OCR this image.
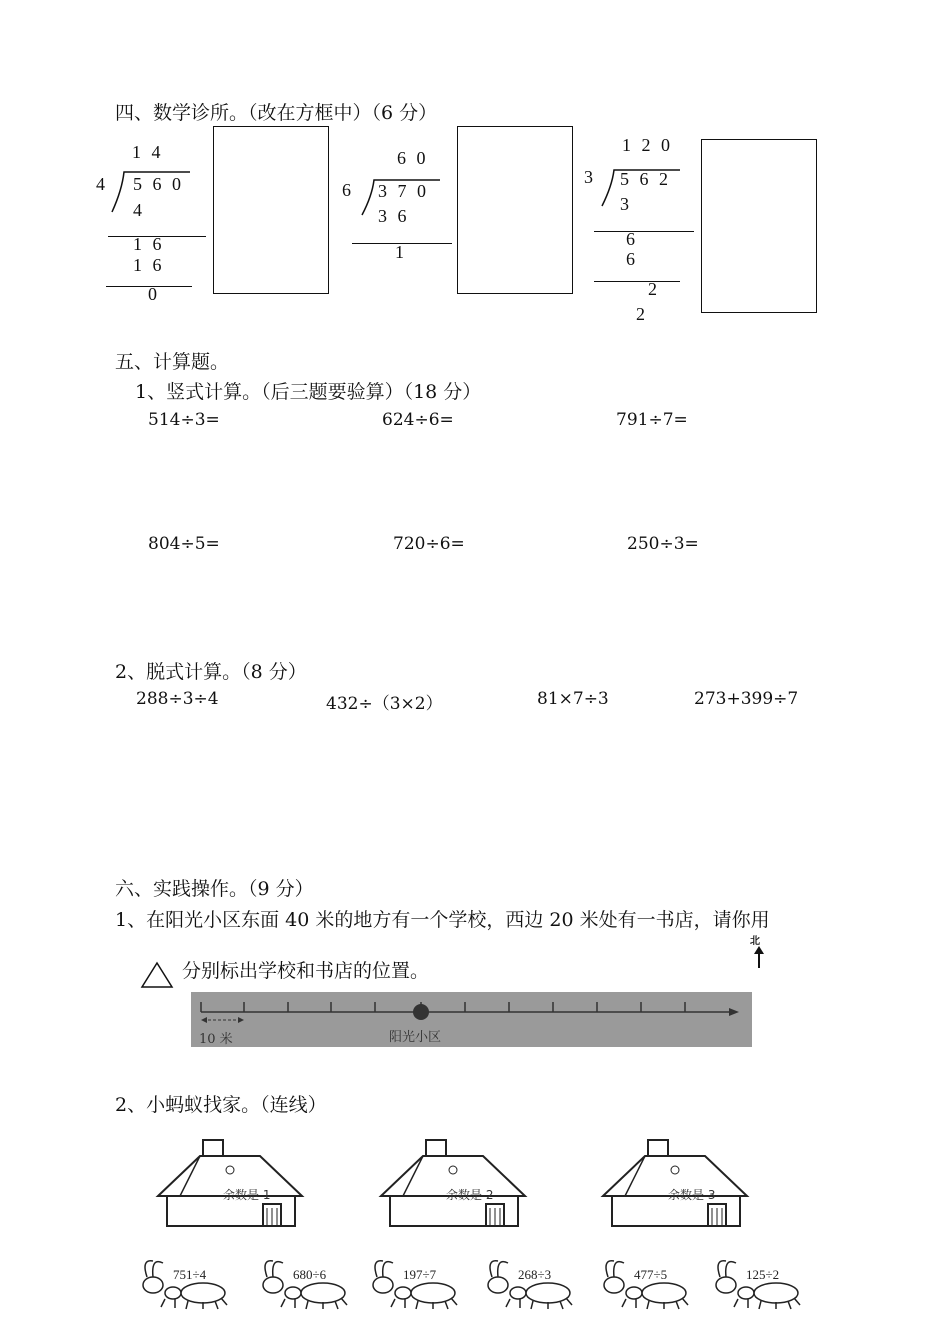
四、数学诊所。（改在方框中）（6 分）
1 4
4 5 6 0
4
1 6
1 6
0
6 0
6 3 7 0
3 6
1
1 2 0
3 5 6 2
3
6
6
2
2
五、计算题。
1、竖式计算。（后三题要验算）（18 分）
514÷3=	624÷6=	791÷7=
804÷5=	720÷6=	250÷3=
2、脱式计算。（8 分）
288÷3÷4	432÷（3×2）	81×7÷3	273+399÷7
六、实践操作。（9 分）
1、在阳光小区东面 40 米的地方有一个学校，西边 20 米处有一书店，请你用
分别标出学校和书店的位置。
北
10 米	阳光小区
2、小蚂蚁找家。（连线）
余数是 1	余数是 2	余数是 3
751÷4	680÷6	197÷7	268÷3	477÷5	125÷2
